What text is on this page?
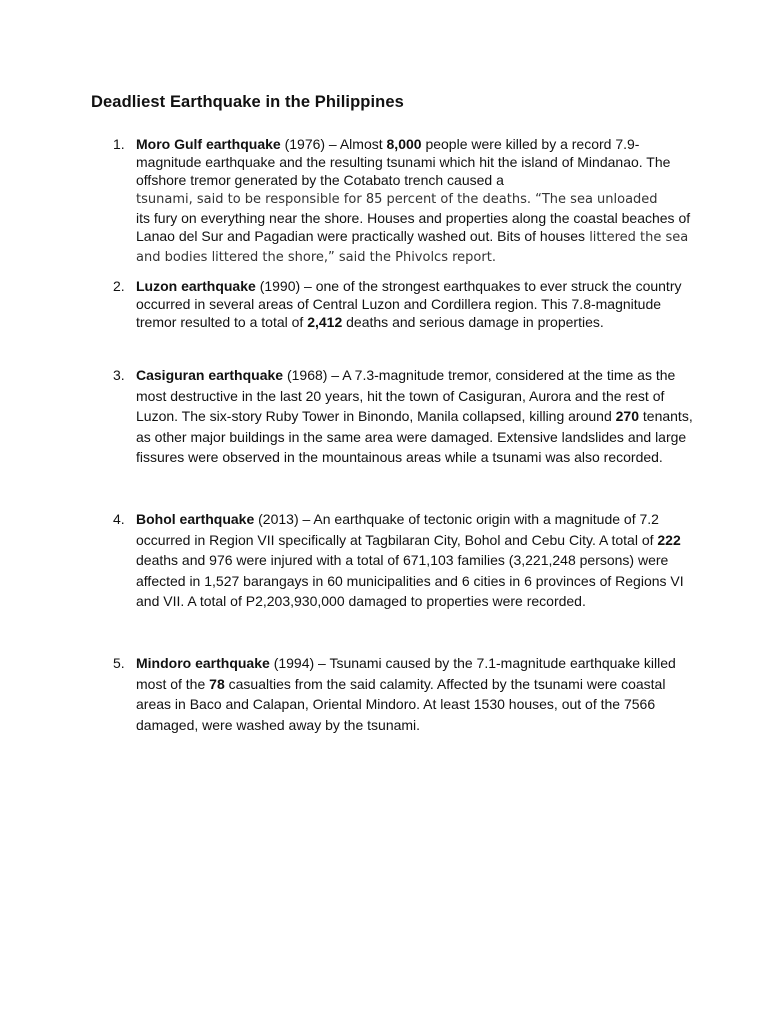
Deadliest Earthquake in the Philippines
1. Moro Gulf earthquake (1976) – Almost 8,000 people were killed by a record 7.9-magnitude earthquake and the resulting tsunami which hit the island of Mindanao. The offshore tremor generated by the Cotabato trench caused a
tsunami, said to be responsible for 85 percent of the deaths. “The sea unloaded
its fury on everything near the shore. Houses and properties along the coastal beaches of Lanao del Sur and Pagadian were practically washed out. Bits of houses littered the sea and bodies littered the shore,” said the Phivolcs report.
2. Luzon earthquake (1990) – one of the strongest earthquakes to ever struck the country occurred in several areas of Central Luzon and Cordillera region. This 7.8-magnitude tremor resulted to a total of 2,412 deaths and serious damage in properties.
3. Casiguran earthquake (1968) – A 7.3-magnitude tremor, considered at the time as the most destructive in the last 20 years, hit the town of Casiguran, Aurora and the rest of Luzon. The six-story Ruby Tower in Binondo, Manila collapsed, killing around 270 tenants, as other major buildings in the same area were damaged. Extensive landslides and large fissures were observed in the mountainous areas while a tsunami was also recorded.
4. Bohol earthquake (2013) – An earthquake of tectonic origin with a magnitude of 7.2 occurred in Region VII specifically at Tagbilaran City, Bohol and Cebu City. A total of 222 deaths and 976 were injured with a total of 671,103 families (3,221,248 persons) were affected in 1,527 barangays in 60 municipalities and 6 cities in 6 provinces of Regions VI and VII. A total of P2,203,930,000 damaged to properties were recorded.
5. Mindoro earthquake (1994) – Tsunami caused by the 7.1-magnitude earthquake killed most of the 78 casualties from the said calamity. Affected by the tsunami were coastal areas in Baco and Calapan, Oriental Mindoro. At least 1530 houses, out of the 7566 damaged, were washed away by the tsunami.
